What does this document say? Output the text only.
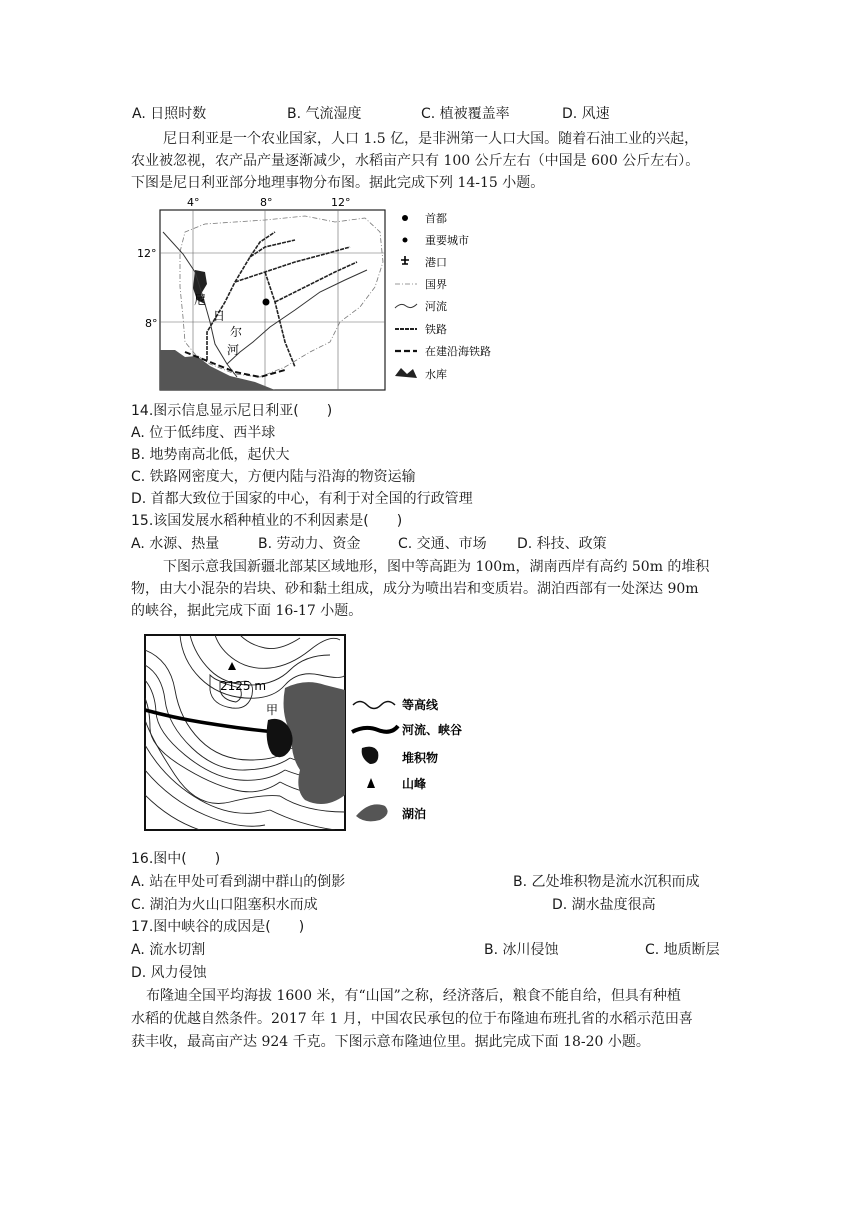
A. 日照时数	B. 气流湿度	C. 植被覆盖率	D. 风速
尼日利亚是一个农业国家，人口 1.5 亿，是非洲第一人口大国。随着石油工业的兴起，
农业被忽视，农产品产量逐渐减少，水稻亩产只有 100 公斤左右（中国是 600 公斤左右）。
下图是尼日利亚部分地理事物分布图。据此完成下列 14-15 小题。
4°	8°	12°
12°
8°
尼
日
尔
河
首都
重要城市
港口
国界
河流
铁路
在建沿海铁路
水库
14.图示信息显示尼日利亚(　　)
A. 位于低纬度、西半球
B. 地势南高北低，起伏大
C. 铁路网密度大，方便内陆与沿海的物资运输
D. 首都大致位于国家的中心，有利于对全国的行政管理
15.该国发展水稻种植业的不利因素是(　　)
A. 水源、热量	B. 劳动力、资金	C. 交通、市场 D. 科技、政策
下图示意我国新疆北部某区域地形，图中等高距为 100m，湖南西岸有高约 50m 的堆积
物，由大小混杂的岩块、砂和黏土组成，成分为喷出岩和变质岩。湖泊西部有一处深达 90m
的峡谷，据此完成下面 16-17 小题。
2125 m
甲	等高线
河流、峡谷
堆积物
山峰
湖泊
16.图中(　　)
A. 站在甲处可看到湖中群山的倒影	B. 乙处堆积物是流水沉积而成
C. 湖泊为火山口阻塞积水而成	D. 湖水盐度很高
17.图中峡谷的成因是(　　)
A. 流水切割	B. 冰川侵蚀	C. 地质断层
D. 风力侵蚀
布隆迪全国平均海拔 1600 米，有“山国”之称，经济落后，粮食不能自给，但具有种植
水稻的优越自然条件。2017 年 1 月，中国农民承包的位于布隆迪布班扎省的水稻示范田喜
获丰收，最高亩产达 924 千克。下图示意布隆迪位里。据此完成下面 18-20 小题。
